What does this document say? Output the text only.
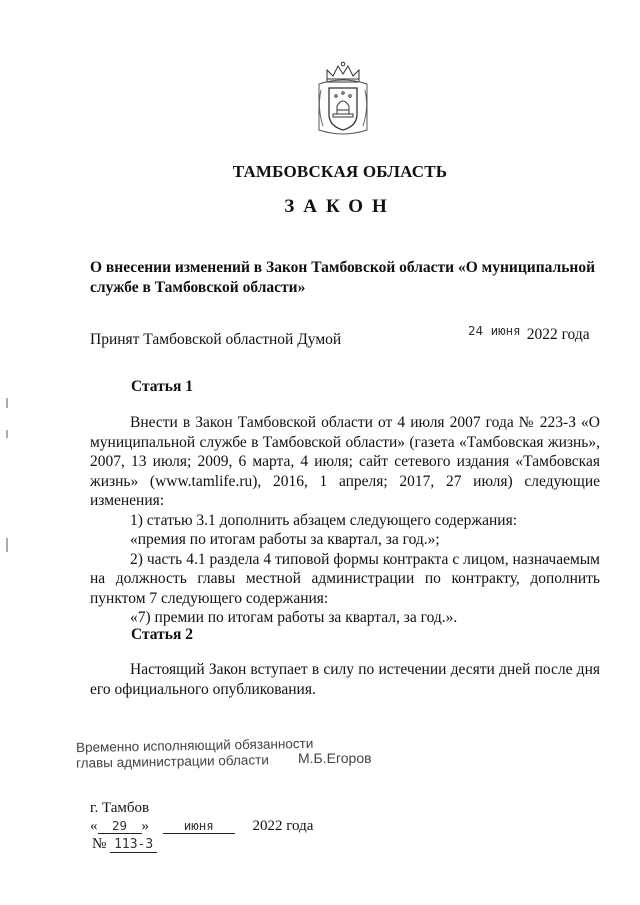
ТАМБОВСКАЯ ОБЛАСТЬ
ЗАКОН
О внесении изменений в Закон Тамбовской области «О муниципальной службе в Тамбовской области»
Принят Тамбовской областной Думой
$^{24 июня}$ 2022 года
Статья 1

Внести в Закон Тамбовской области от 4 июля 2007 года № 223-З «О муниципальной службе в Тамбовской области» (газета «Тамбовская жизнь», 2007, 13 июля; 2009, 6 марта, 4 июля; сайт сетевого издания «Тамбовская жизнь» (www.tamlife.ru), 2016, 1 апреля; 2017, 27 июля) следующие изменения:

1) статью 3.1 дополнить абзацем следующего содержания:

«премия по итогам работы за квартал, за год.»;

2) часть 4.1 раздела 4 типовой формы контракта с лицом, назначаемым на должность главы местной администрации по контракту, дополнить пунктом 7 следующего содержания:

«7) премии по итогам работы за квартал, за год.».

Статья 2

Настоящий Закон вступает в силу по истечении десяти дней после дня его официального опубликования.

Временно исполняющий обязанности
главы администрации области М.Б.Егоров
г. Тамбов
« 29 »	июня	2022 года
№ 113-З
